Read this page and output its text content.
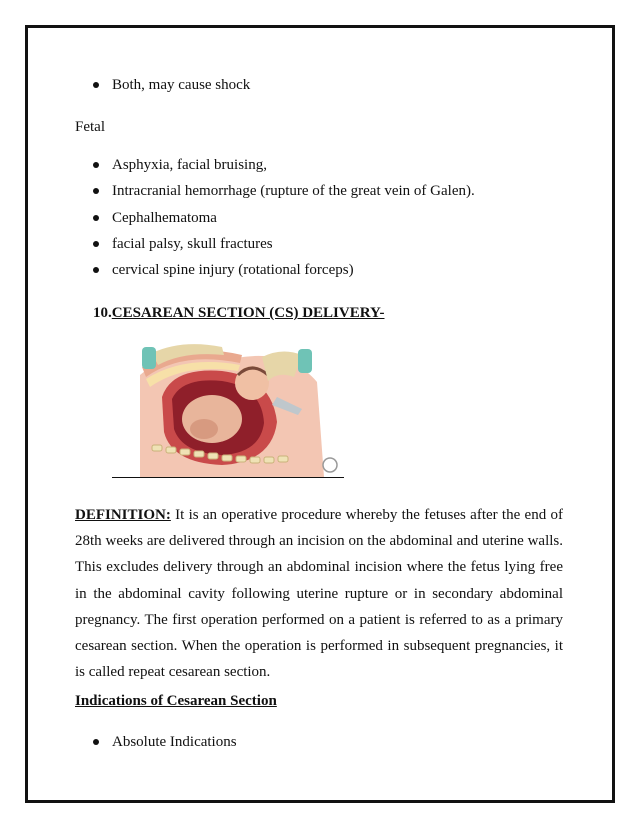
Both, may cause shock
Fetal
Asphyxia, facial bruising,
Intracranial hemorrhage (rupture of the great vein of Galen).
Cephalhematoma
facial palsy, skull fractures
cervical spine injury (rotational forceps)
10.CESAREAN SECTION (CS) DELIVERY-
DEFINITION: It is an operative procedure whereby the fetuses after the end of 28th weeks are delivered through an incision on the abdominal and uterine walls. This excludes delivery through an abdominal incision where the fetus lying free in the abdominal cavity following uterine rupture or in secondary abdominal pregnancy. The first operation performed on a patient is referred to as a primary cesarean section. When the operation is performed in subsequent pregnancies, it is called repeat cesarean section.
Indications of Cesarean Section
Absolute Indications
